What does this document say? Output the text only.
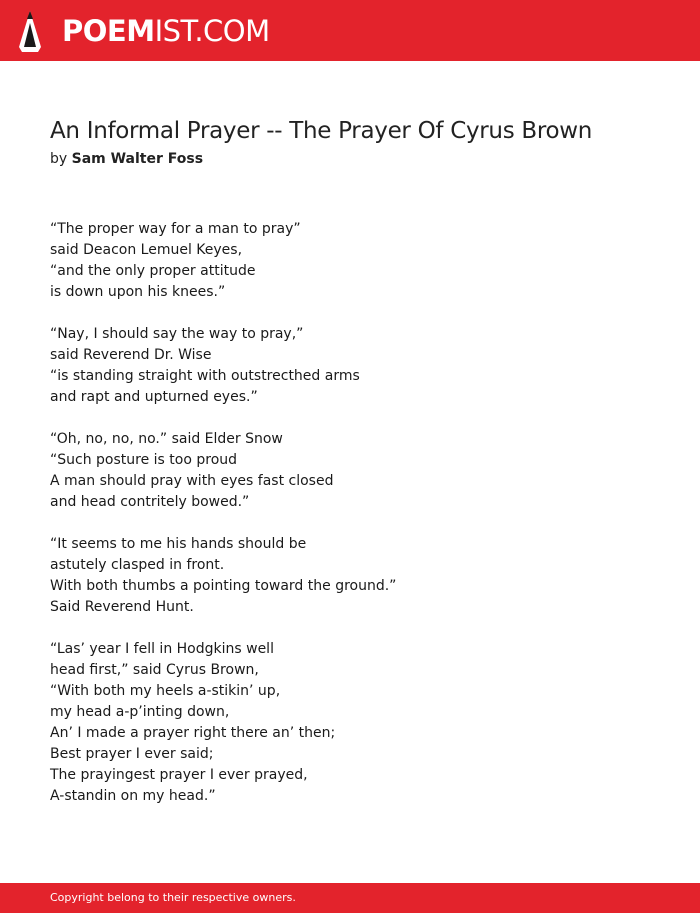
POEMIST.COM
An Informal Prayer -- The Prayer Of Cyrus Brown
by Sam Walter Foss
“The proper way for a man to pray”
said Deacon Lemuel Keyes,
“and the only proper attitude
is down upon his knees.”
“Nay, I should say the way to pray,”
said Reverend Dr. Wise
“is standing straight with outstrecthed arms
and rapt and upturned eyes.”
“Oh, no, no, no.” said Elder Snow
“Such posture is too proud
A man should pray with eyes fast closed
and head contritely bowed.”
“It seems to me his hands should be
astutely clasped in front.
With both thumbs a pointing toward the ground.”
Said Reverend Hunt.
“Las’ year I fell in Hodgkins well
head first,” said Cyrus Brown,
“With both my heels a-stikin’ up,
my head a-p’inting down,
An’ I made a prayer right there an’ then;
Best prayer I ever said;
The prayingest prayer I ever prayed,
A-standin on my head.”
Copyright belong to their respective owners.
